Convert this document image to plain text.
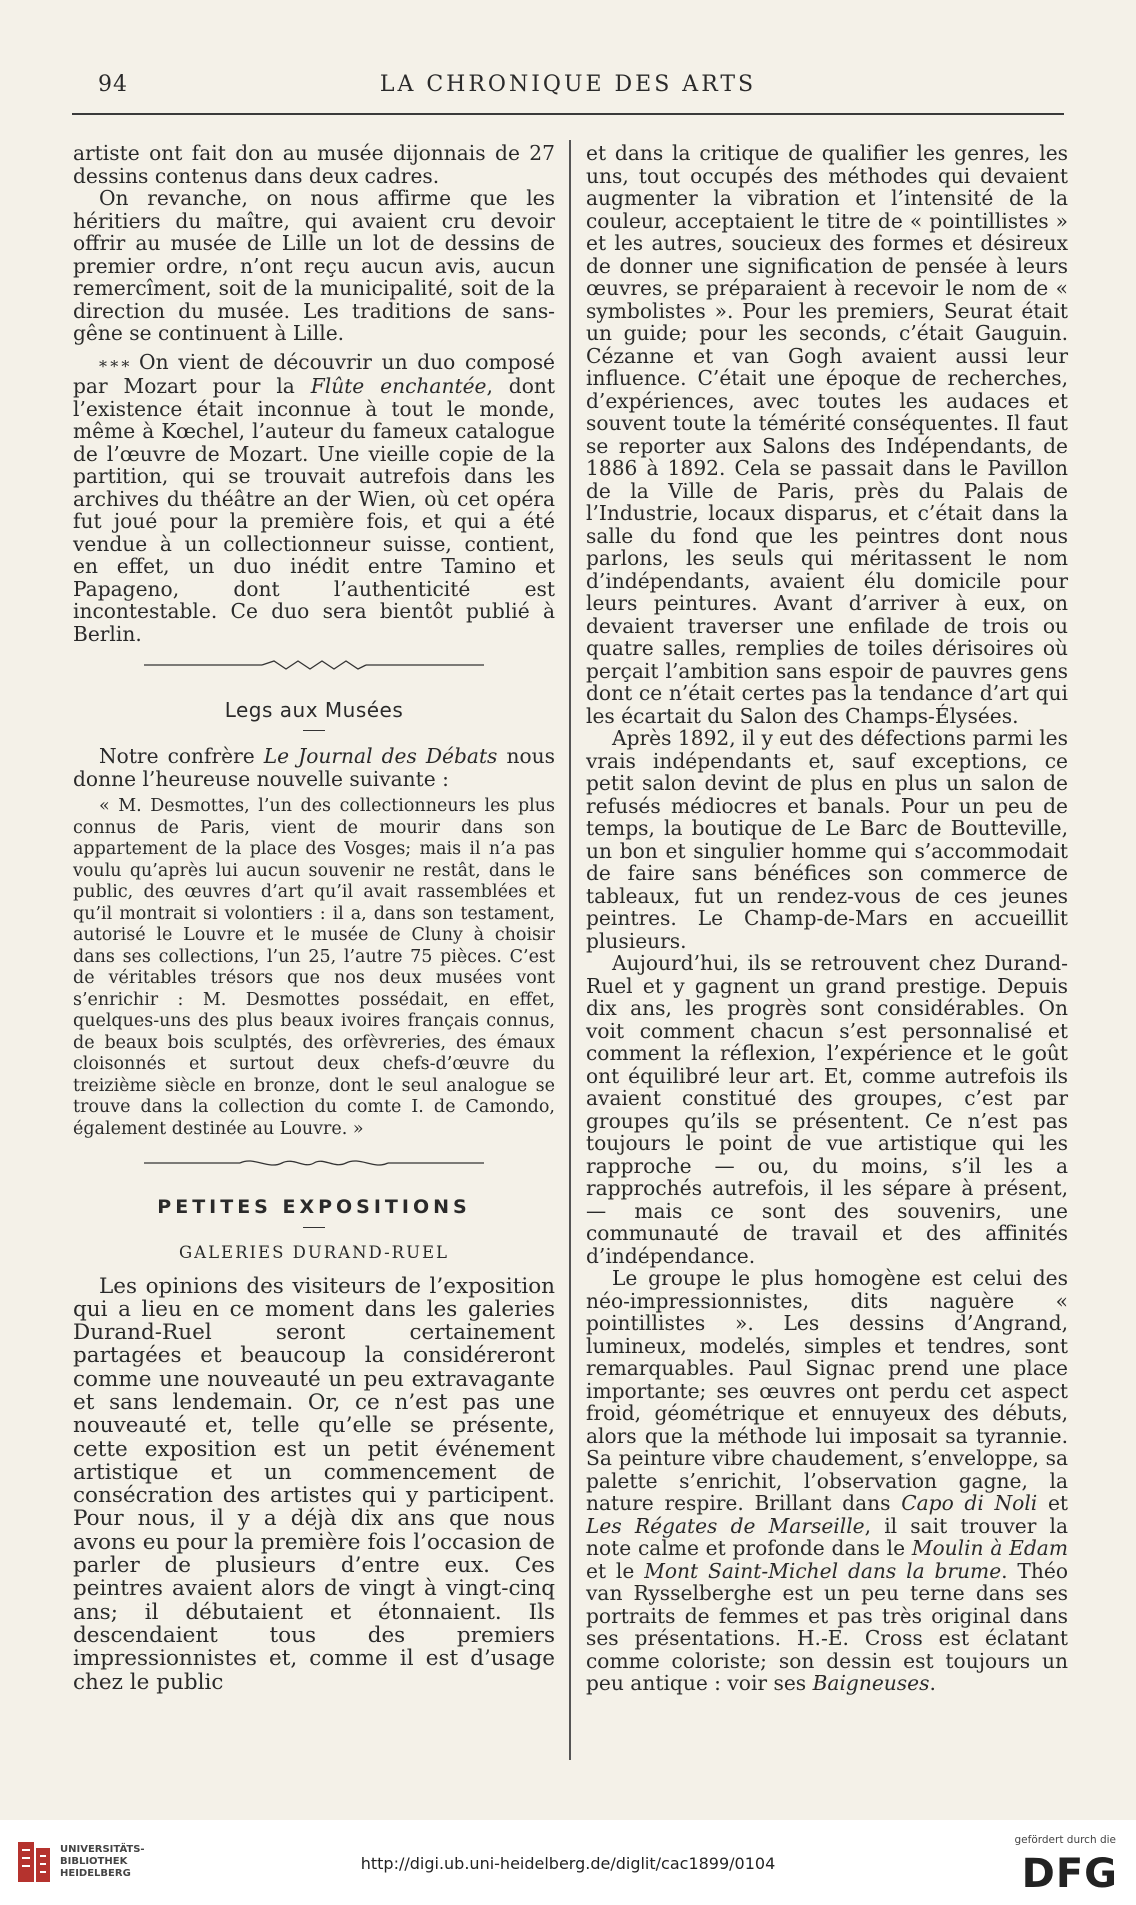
94	LA CHRONIQUE DES ARTS

artiste ont fait don au musée dijonnais de 27 dessins contenus dans deux cadres.

On revanche, on nous affirme que les héritiers du maître, qui avaient cru devoir offrir au musée de Lille un lot de dessins de premier ordre, n’ont reçu aucun avis, aucun remercîment, soit de la municipalité, soit de la direction du musée. Les traditions de sans-gêne se continuent à Lille.

* * * On vient de découvrir un duo composé par Mozart pour la Flûte enchantée, dont l’existence était inconnue à tout le monde, même à Kœchel, l’auteur du fameux catalogue de l’œuvre de Mozart. Une vieille copie de la partition, qui se trouvait autrefois dans les archives du théâtre an der Wien, où cet opéra fut joué pour la première fois, et qui a été vendue à un collectionneur suisse, contient, en effet, un duo inédit entre Tamino et Papageno, dont l’authenticité est incontestable. Ce duo sera bientôt publié à Berlin.

Legs aux Musées

Notre confrère Le Journal des Débats nous donne l’heureuse nouvelle suivante :

« M. Desmottes, l’un des collectionneurs les plus connus de Paris, vient de mourir dans son appartement de la place des Vosges; mais il n’a pas voulu qu’après lui aucun souvenir ne restât, dans le public, des œuvres d’art qu’il avait rassemblées et qu’il montrait si volontiers : il a, dans son testament, autorisé le Louvre et le musée de Cluny à choisir dans ses collections, l’un 25, l’autre 75 pièces. C’est de véritables trésors que nos deux musées vont s’enrichir : M. Desmottes possédait, en effet, quelques-uns des plus beaux ivoires français connus, de beaux bois sculptés, des orfèvreries, des émaux cloisonnés et surtout deux chefs-d’œuvre du treizième siècle en bronze, dont le seul analogue se trouve dans la collection du comte I. de Camondo, également destinée au Louvre. »

PETITES EXPOSITIONS
GALERIES DURAND-RUEL

Les opinions des visiteurs de l’exposition qui a lieu en ce moment dans les galeries Durand-Ruel seront certainement partagées et beaucoup la considéreront comme une nouveauté un peu extravagante et sans lendemain. Or, ce n’est pas une nouveauté et, telle qu’elle se présente, cette exposition est un petit événement artistique et un commencement de consécration des artistes qui y participent. Pour nous, il y a déjà dix ans que nous avons eu pour la première fois l’occasion de parler de plusieurs d’entre eux. Ces peintres avaient alors de vingt à vingt-cinq ans; il débutaient et étonnaient. Ils descendaient tous des premiers impressionnistes et, comme il est d’usage chez le public

et dans la critique de qualifier les genres, les uns, tout occupés des méthodes qui devaient augmenter la vibration et l’intensité de la couleur, acceptaient le titre de « pointillistes » et les autres, soucieux des formes et désireux de donner une signification de pensée à leurs œuvres, se préparaient à recevoir le nom de « symbolistes ». Pour les premiers, Seurat était un guide; pour les seconds, c’était Gauguin. Cézanne et van Gogh avaient aussi leur influence. C’était une époque de recherches, d’expériences, avec toutes les audaces et souvent toute la témérité conséquentes. Il faut se reporter aux Salons des Indépendants, de 1886 à 1892. Cela se passait dans le Pavillon de la Ville de Paris, près du Palais de l’Industrie, locaux disparus, et c’était dans la salle du fond que les peintres dont nous parlons, les seuls qui méritassent le nom d’indépendants, avaient élu domicile pour leurs peintures. Avant d’arriver à eux, on devaient traverser une enfilade de trois ou quatre salles, remplies de toiles dérisoires où perçait l’ambition sans espoir de pauvres gens dont ce n’était certes pas la tendance d’art qui les écartait du Salon des Champs-Élysées.

Après 1892, il y eut des défections parmi les vrais indépendants et, sauf exceptions, ce petit salon devint de plus en plus un salon de refusés médiocres et banals. Pour un peu de temps, la boutique de Le Barc de Boutteville, un bon et singulier homme qui s’accommodait de faire sans bénéfices son commerce de tableaux, fut un rendez-vous de ces jeunes peintres. Le Champ-de-Mars en accueillit plusieurs.

Aujourd’hui, ils se retrouvent chez Durand-Ruel et y gagnent un grand prestige. Depuis dix ans, les progrès sont considérables. On voit comment chacun s’est personnalisé et comment la réflexion, l’expérience et le goût ont équilibré leur art. Et, comme autrefois ils avaient constitué des groupes, c’est par groupes qu’ils se présentent. Ce n’est pas toujours le point de vue artistique qui les rapproche — ou, du moins, s’il les a rapprochés autrefois, il les sépare à présent, — mais ce sont des souvenirs, une communauté de travail et des affinités d’indépendance.

Le groupe le plus homogène est celui des néo-impressionnistes, dits naguère « pointillistes ». Les dessins d’Angrand, lumineux, modelés, simples et tendres, sont remarquables. Paul Signac prend une place importante; ses œuvres ont perdu cet aspect froid, géométrique et ennuyeux des débuts, alors que la méthode lui imposait sa tyrannie. Sa peinture vibre chaudement, s’enveloppe, sa palette s’enrichit, l’observation gagne, la nature respire. Brillant dans Capo di Noli et Les Régates de Marseille, il sait trouver la note calme et profonde dans le Moulin à Edam et le Mont Saint-Michel dans la brume. Théo van Rysselberghe est un peu terne dans ses portraits de femmes et pas très original dans ses présentations. H.-E. Cross est éclatant comme coloriste; son dessin est toujours un peu antique : voir ses Baigneuses.

UNIVERSITÄTS-
BIBLIOTHEK
HEIDELBERG
http://digi.ub.uni-heidelberg.de/diglit/cac1899/0104
gefördert durch die
DFG
